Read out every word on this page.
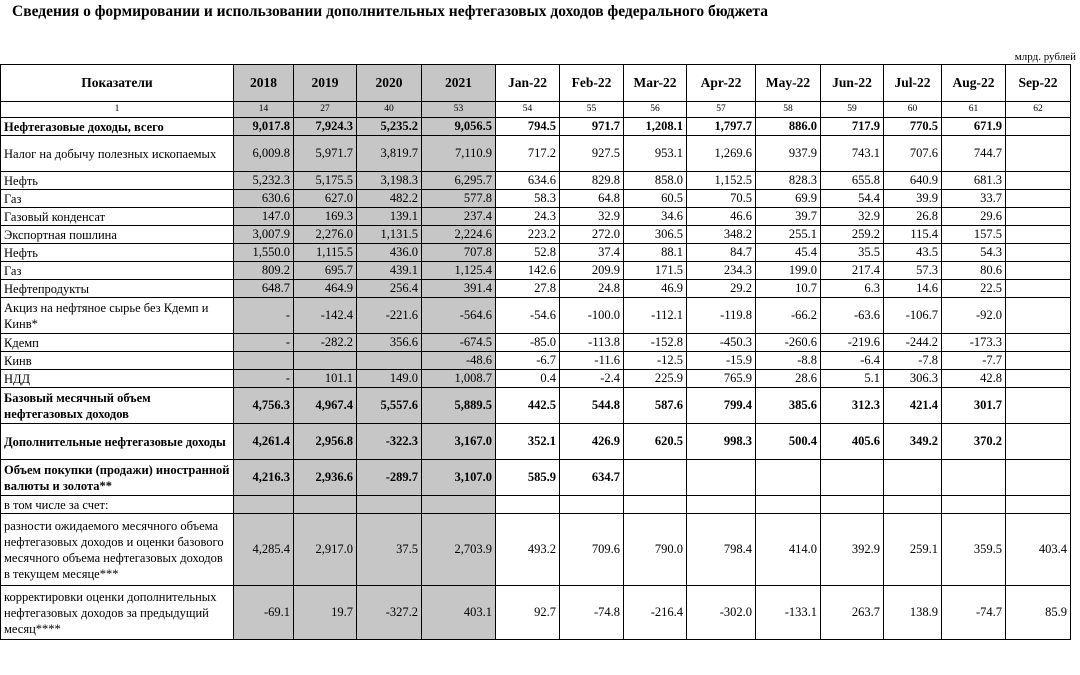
Сведения о формировании и использовании дополнительных нефтегазовых доходов федерального бюджета
млрд. рублей
Показатели	2018	2019	2020	2021	Jan-22	Feb-22	Mar-22	Apr-22	May-22	Jun-22	Jul-22	Aug-22	Sep-22
1	14	27	40	53	54	55	56	57	58	59	60	61	62
Нефтегазовые доходы, всего	9,017.8	7,924.3	5,235.2	9,056.5	794.5	971.7	1,208.1	1,797.7	886.0	717.9	770.5	671.9	
Налог на добычу полезных ископаемых	6,009.8	5,971.7	3,819.7	7,110.9	717.2	927.5	953.1	1,269.6	937.9	743.1	707.6	744.7	
Нефть	5,232.3	5,175.5	3,198.3	6,295.7	634.6	829.8	858.0	1,152.5	828.3	655.8	640.9	681.3	
Газ	630.6	627.0	482.2	577.8	58.3	64.8	60.5	70.5	69.9	54.4	39.9	33.7	
Газовый конденсат	147.0	169.3	139.1	237.4	24.3	32.9	34.6	46.6	39.7	32.9	26.8	29.6	
Экспортная пошлина	3,007.9	2,276.0	1,131.5	2,224.6	223.2	272.0	306.5	348.2	255.1	259.2	115.4	157.5	
Нефть	1,550.0	1,115.5	436.0	707.8	52.8	37.4	88.1	84.7	45.4	35.5	43.5	54.3	
Газ	809.2	695.7	439.1	1,125.4	142.6	209.9	171.5	234.3	199.0	217.4	57.3	80.6	
Нефтепродукты	648.7	464.9	256.4	391.4	27.8	24.8	46.9	29.2	10.7	6.3	14.6	22.5	
Акциз на нефтяное сырье без Кдемп и Кинв*	-	-142.4	-221.6	-564.6	-54.6	-100.0	-112.1	-119.8	-66.2	-63.6	-106.7	-92.0	
Кдемп	-	-282.2	356.6	-674.5	-85.0	-113.8	-152.8	-450.3	-260.6	-219.6	-244.2	-173.3	
Кинв				-48.6	-6.7	-11.6	-12.5	-15.9	-8.8	-6.4	-7.8	-7.7	
НДД	-	101.1	149.0	1,008.7	0.4	-2.4	225.9	765.9	28.6	5.1	306.3	42.8	
Базовый месячный объем нефтегазовых доходов	4,756.3	4,967.4	5,557.6	5,889.5	442.5	544.8	587.6	799.4	385.6	312.3	421.4	301.7	
Дополнительные нефтегазовые доходы	4,261.4	2,956.8	-322.3	3,167.0	352.1	426.9	620.5	998.3	500.4	405.6	349.2	370.2	
Объем покупки (продажи) иностранной валюты и золота**	4,216.3	2,936.6	-289.7	3,107.0	585.9	634.7							
в том числе за счет:													
разности ожидаемого месячного объема нефтегазовых доходов и оценки базового месячного объема нефтегазовых доходов в текущем месяце***	4,285.4	2,917.0	37.5	2,703.9	493.2	709.6	790.0	798.4	414.0	392.9	259.1	359.5	403.4
корректировки оценки дополнительных нефтегазовых доходов за предыдущий месяц****	-69.1	19.7	-327.2	403.1	92.7	-74.8	-216.4	-302.0	-133.1	263.7	138.9	-74.7	85.9
